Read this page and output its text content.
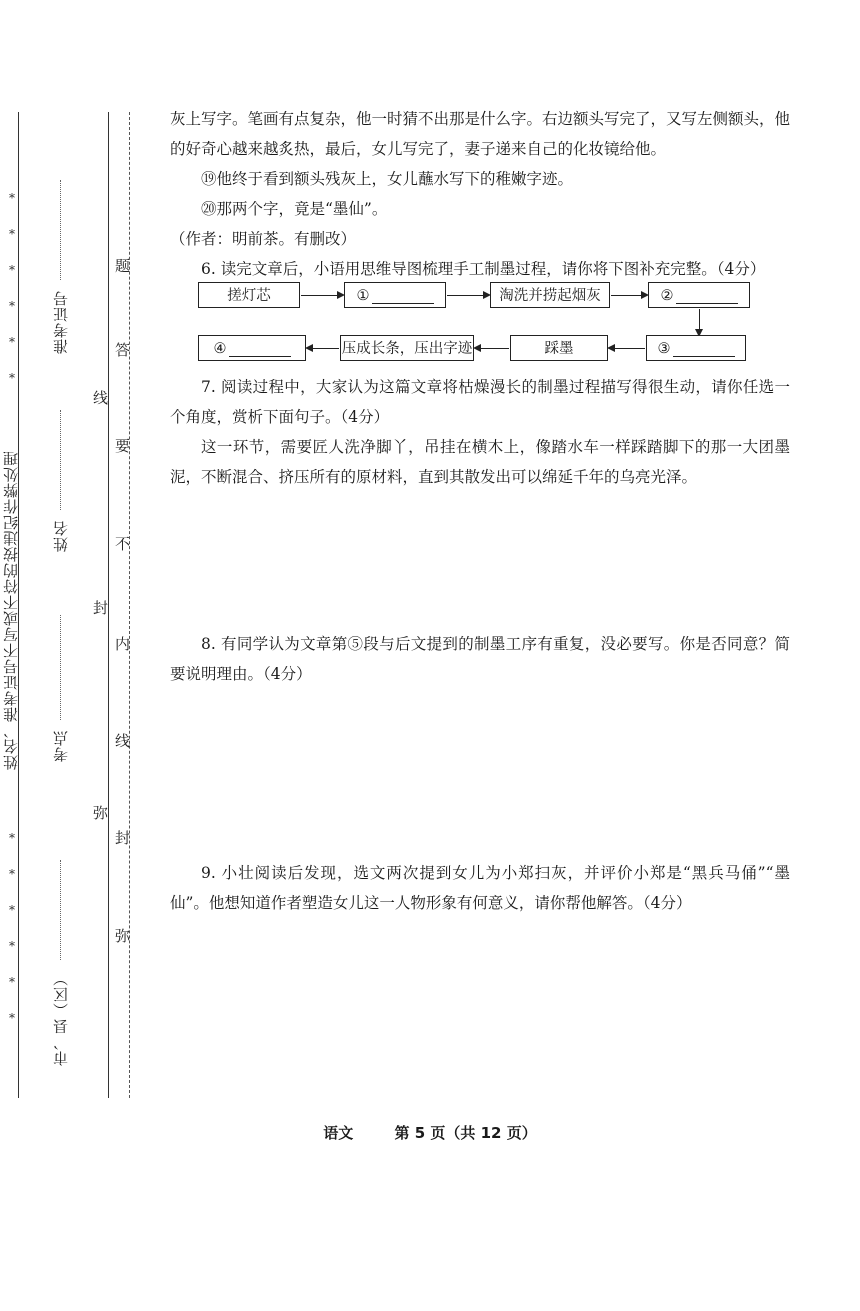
*
*
*
*
*
*
*
*
*
*
*
*
姓名、准考证号不写或不符的按违纪作弊处理
准考证号
姓名
考点
市、县（区）
题
答
要
不
内
线
封
弥
线
封
弥

灰上写字。笔画有点复杂，他一时猜不出那是什么字。右边额头写完了，又写左侧额头，他的好奇心越来越炙热，最后，女儿写完了，妻子递来自己的化妆镜给他。

⑲他终于看到额头残灰上，女儿蘸水写下的稚嫩字迹。

⑳那两个字，竟是“墨仙”。

（作者：明前茶。有删改）

6. 读完文章后，小语用思维导图梳理手工制墨过程，请你将下图补充完整。（4分）

搓灯芯	①	淘洗并捞起烟灰	②
④	压成长条，压出字迹	踩墨	③

7. 阅读过程中，大家认为这篇文章将枯燥漫长的制墨过程描写得很生动，请你任选一个角度，赏析下面句子。（4分）

这一环节，需要匠人洗净脚丫，吊挂在横木上，像踏水车一样踩踏脚下的那一大团墨泥，不断混合、挤压所有的原材料，直到其散发出可以绵延千年的乌亮光泽。

8. 有同学认为文章第⑤段与后文提到的制墨工序有重复，没必要写。你是否同意？简要说明理由。（4分）

9. 小壮阅读后发现，选文两次提到女儿为小郑扫灰，并评价小郑是“黑兵马俑”“墨仙”。他想知道作者塑造女儿这一人物形象有何意义，请你帮他解答。（4分）

语文	第 5 页（共 12 页）
